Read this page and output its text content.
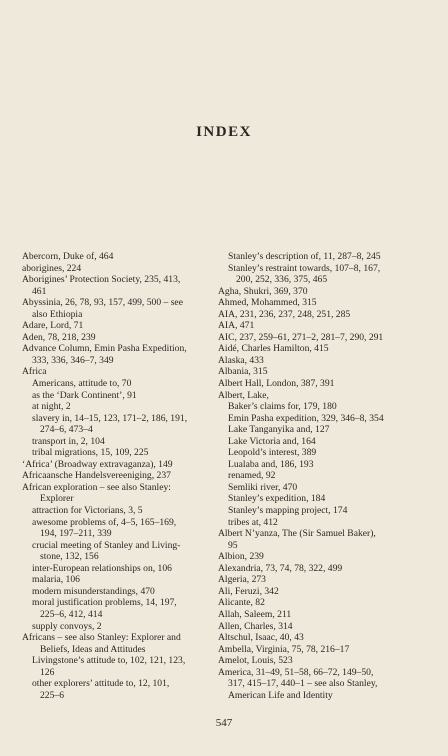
INDEX
Abercorn, Duke of, 464
aborigines, 224
Aborigines’ Protection Society, 235, 413,
461
Abyssinia, 26, 78, 93, 157, 499, 500 – see
also Ethiopia
Adare, Lord, 71
Aden, 78, 218, 239
Advance Column, Emin Pasha Expedition,
333, 336, 346–7, 349
Africa
Americans, attitude to, 70
as the ‘Dark Continent’, 91
at night, 2
slavery in, 14–15, 123, 171–2, 186, 191,
274–6, 473–4
transport in, 2, 104
tribal migrations, 15, 109, 225
‘Africa’ (Broadway extravaganza), 149
Africaansche Handelsvereeniging, 237
African exploration – see also Stanley:
Explorer
attraction for Victorians, 3, 5
awesome problems of, 4–5, 165–169,
194, 197–211, 339
crucial meeting of Stanley and Living-
stone, 132, 156
inter-European relationships on, 106
malaria, 106
modern misunderstandings, 470
moral justification problems, 14, 197,
225–6, 412, 414
supply convoys, 2
Africans – see also Stanley: Explorer and
Beliefs, Ideas and Attitudes
Livingstone’s attitude to, 102, 121, 123,
126
other explorers’ attitude to, 12, 101,
225–6
Stanley’s description of, 11, 287–8, 245
Stanley’s restraint towards, 107–8, 167,
200, 252, 336, 375, 465
Agha, Shukri, 369, 370
Ahmed, Mohammed, 315
AIA, 231, 236, 237, 248, 251, 285
AIA, 471
AIC, 237, 259–61, 271–2, 281–7, 290, 291
Aidé, Charles Hamilton, 415
Alaska, 433
Albania, 315
Albert Hall, London, 387, 391
Albert, Lake,
Baker’s claims for, 179, 180
Emin Pasha expedition, 329, 346–8, 354
Lake Tanganyika and, 127
Lake Victoria and, 164
Leopold’s interest, 389
Lualaba and, 186, 193
renamed, 92
Semliki river, 470
Stanley’s expedition, 184
Stanley’s mapping project, 174
tribes at, 412
Albert N’yanza, The (Sir Samuel Baker),
95
Albion, 239
Alexandria, 73, 74, 78, 322, 499
Algeria, 273
Ali, Feruzi, 342
Alicante, 82
Allah, Saleem, 211
Allen, Charles, 314
Altschul, Isaac, 40, 43
Ambella, Virginia, 75, 78, 216–17
Amelot, Louis, 523
America, 31–49, 51–58, 66–72, 149–50,
317, 415–17, 440–1 – see also Stanley,
American Life and Identity
547
